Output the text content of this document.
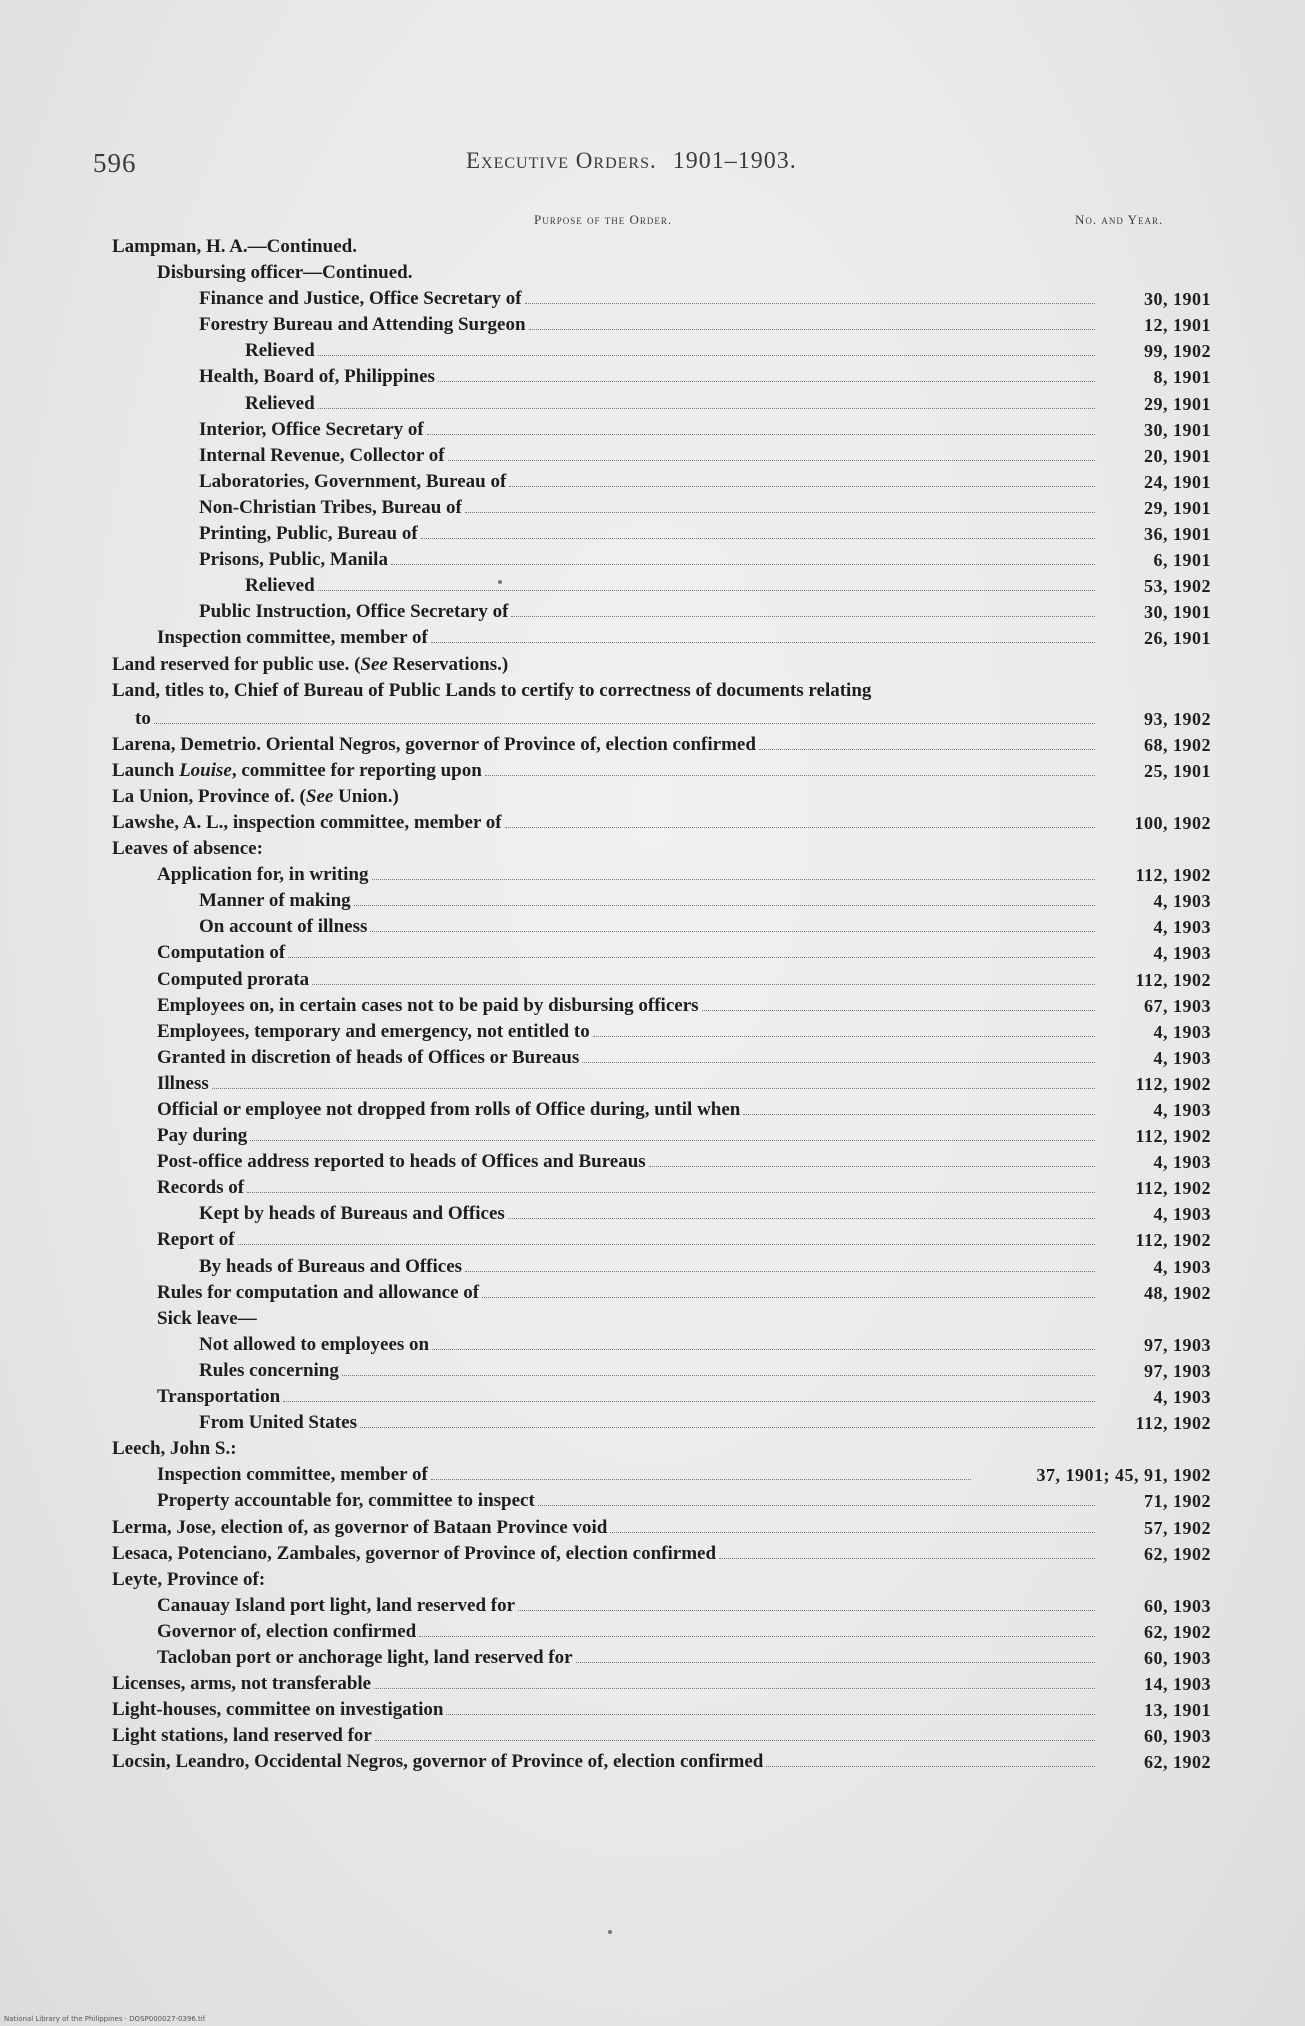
596	Executive Orders. 1901–1903.
Purpose of the Order.	No. and Year.
Lampman, H. A.—Continued.
Disbursing officer—Continued.
Finance and Justice, Office Secretary of	30, 1901
Forestry Bureau and Attending Surgeon	12, 1901
Relieved	99, 1902
Health, Board of, Philippines	8, 1901
Relieved	29, 1901
Interior, Office Secretary of	30, 1901
Internal Revenue, Collector of	20, 1901
Laboratories, Government, Bureau of	24, 1901
Non-Christian Tribes, Bureau of	29, 1901
Printing, Public, Bureau of	36, 1901
Prisons, Public, Manila	6, 1901
Relieved	53, 1902
Public Instruction, Office Secretary of	30, 1901
Inspection committee, member of	26, 1901
Land reserved for public use. (See Reservations.)
Land, titles to, Chief of Bureau of Public Lands to certify to correctness of documents relating
to	93, 1902
Larena, Demetrio. Oriental Negros, governor of Province of, election confirmed	68, 1902
Launch Louise, committee for reporting upon	25, 1901
La Union, Province of. (See Union.)
Lawshe, A. L., inspection committee, member of	100, 1902
Leaves of absence:
Application for, in writing	112, 1902
Manner of making	4, 1903
On account of illness	4, 1903
Computation of	4, 1903
Computed prorata	112, 1902
Employees on, in certain cases not to be paid by disbursing officers	67, 1903
Employees, temporary and emergency, not entitled to	4, 1903
Granted in discretion of heads of Offices or Bureaus	4, 1903
Illness	112, 1902
Official or employee not dropped from rolls of Office during, until when	4, 1903
Pay during	112, 1902
Post-office address reported to heads of Offices and Bureaus	4, 1903
Records of	112, 1902
Kept by heads of Bureaus and Offices	4, 1903
Report of	112, 1902
By heads of Bureaus and Offices	4, 1903
Rules for computation and allowance of	48, 1902
Sick leave—
Not allowed to employees on	97, 1903
Rules concerning	97, 1903
Transportation	4, 1903
From United States	112, 1902
Leech, John S.:
Inspection committee, member of	37, 1901; 45, 91, 1902
Property accountable for, committee to inspect	71, 1902
Lerma, Jose, election of, as governor of Bataan Province void	57, 1902
Lesaca, Potenciano, Zambales, governor of Province of, election confirmed	62, 1902
Leyte, Province of:
Canauay Island port light, land reserved for	60, 1903
Governor of, election confirmed	62, 1902
Tacloban port or anchorage light, land reserved for	60, 1903
Licenses, arms, not transferable	14, 1903
Light-houses, committee on investigation	13, 1901
Light stations, land reserved for	60, 1903
Locsin, Leandro, Occidental Negros, governor of Province of, election confirmed	62, 1902
National Library of the Philippines · DOSP000027-0396.tif
